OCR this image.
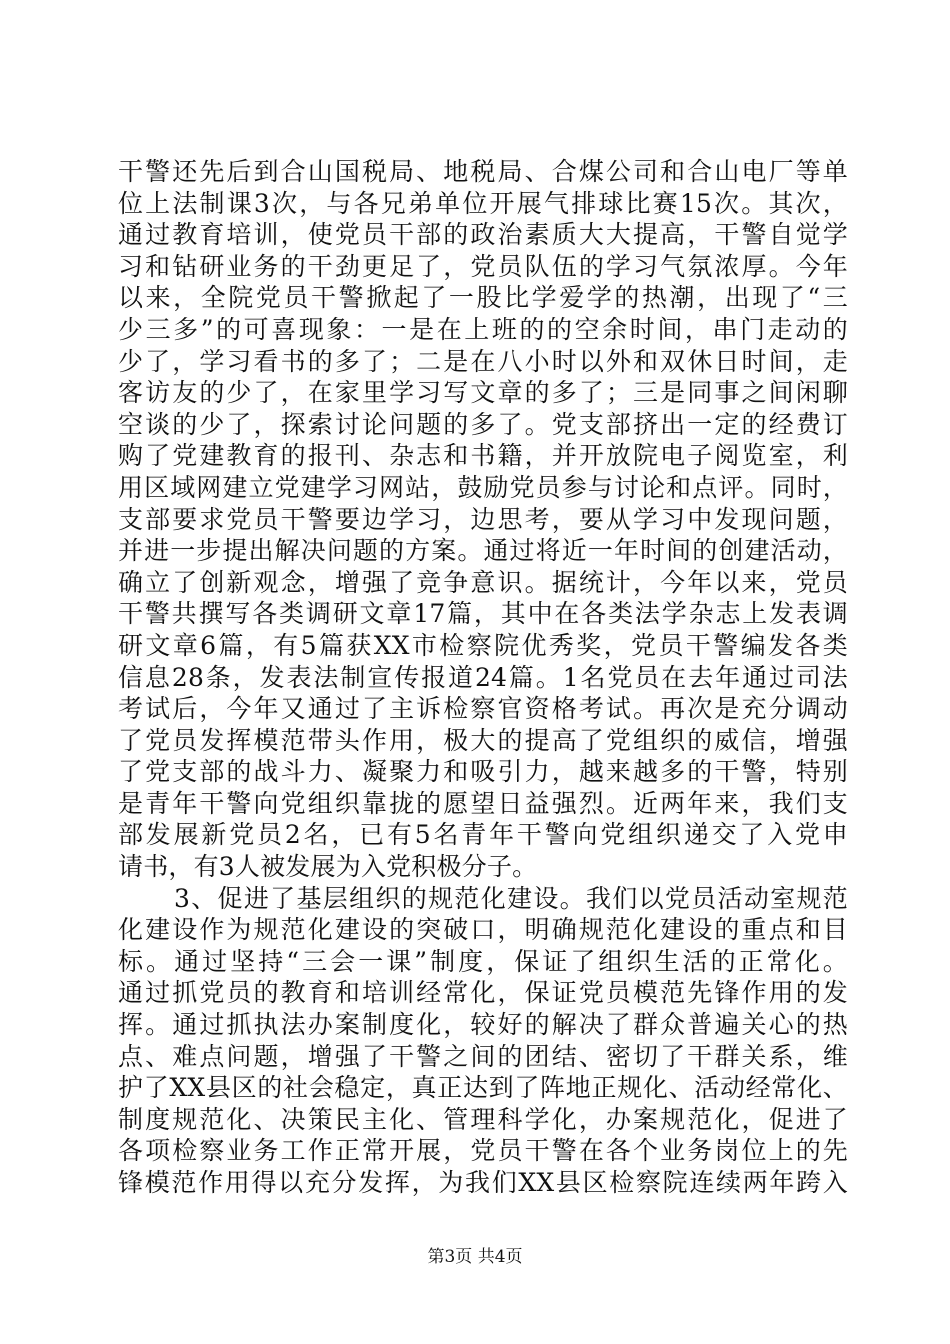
干警还先后到合山国税局、地税局、合煤公司和合山电厂等单
位上法制课3次，与各兄弟单位开展气排球比赛15次。其次，
通过教育培训，使党员干部的政治素质大大提高，干警自觉学
习和钻研业务的干劲更足了，党员队伍的学习气氛浓厚。今年
以来，全院党员干警掀起了一股比学爱学的热潮，出现了“三
少三多”的可喜现象：一是在上班的的空余时间，串门走动的
少了，学习看书的多了；二是在八小时以外和双休日时间，走
客访友的少了，在家里学习写文章的多了；三是同事之间闲聊
空谈的少了，探索讨论问题的多了。党支部挤出一定的经费订
购了党建教育的报刊、杂志和书籍，并开放院电子阅览室，利
用区域网建立党建学习网站，鼓励党员参与讨论和点评。同时，
支部要求党员干警要边学习，边思考，要从学习中发现问题，
并进一步提出解决问题的方案。通过将近一年时间的创建活动，
确立了创新观念，增强了竞争意识。据统计，今年以来，党员
干警共撰写各类调研文章17篇，其中在各类法学杂志上发表调
研文章6篇，有5篇获XX市检察院优秀奖，党员干警编发各类
信息28条，发表法制宣传报道24篇。1名党员在去年通过司法
考试后，今年又通过了主诉检察官资格考试。再次是充分调动
了党员发挥模范带头作用，极大的提高了党组织的威信，增强
了党支部的战斗力、凝聚力和吸引力，越来越多的干警，特别
是青年干警向党组织靠拢的愿望日益强烈。近两年来，我们支
部发展新党员2名，已有5名青年干警向党组织递交了入党申
请书，有3人被发展为入党积极分子。
3、促进了基层组织的规范化建设。我们以党员活动室规范
化建设作为规范化建设的突破口，明确规范化建设的重点和目
标。通过坚持“三会一课”制度，保证了组织生活的正常化。
通过抓党员的教育和培训经常化，保证党员模范先锋作用的发
挥。通过抓执法办案制度化，较好的解决了群众普遍关心的热
点、难点问题，增强了干警之间的团结、密切了干群关系，维
护了XX县区的社会稳定，真正达到了阵地正规化、活动经常化、
制度规范化、决策民主化、管理科学化，办案规范化，促进了
各项检察业务工作正常开展，党员干警在各个业务岗位上的先
锋模范作用得以充分发挥，为我们XX县区检察院连续两年跨入
第3页 共4页
